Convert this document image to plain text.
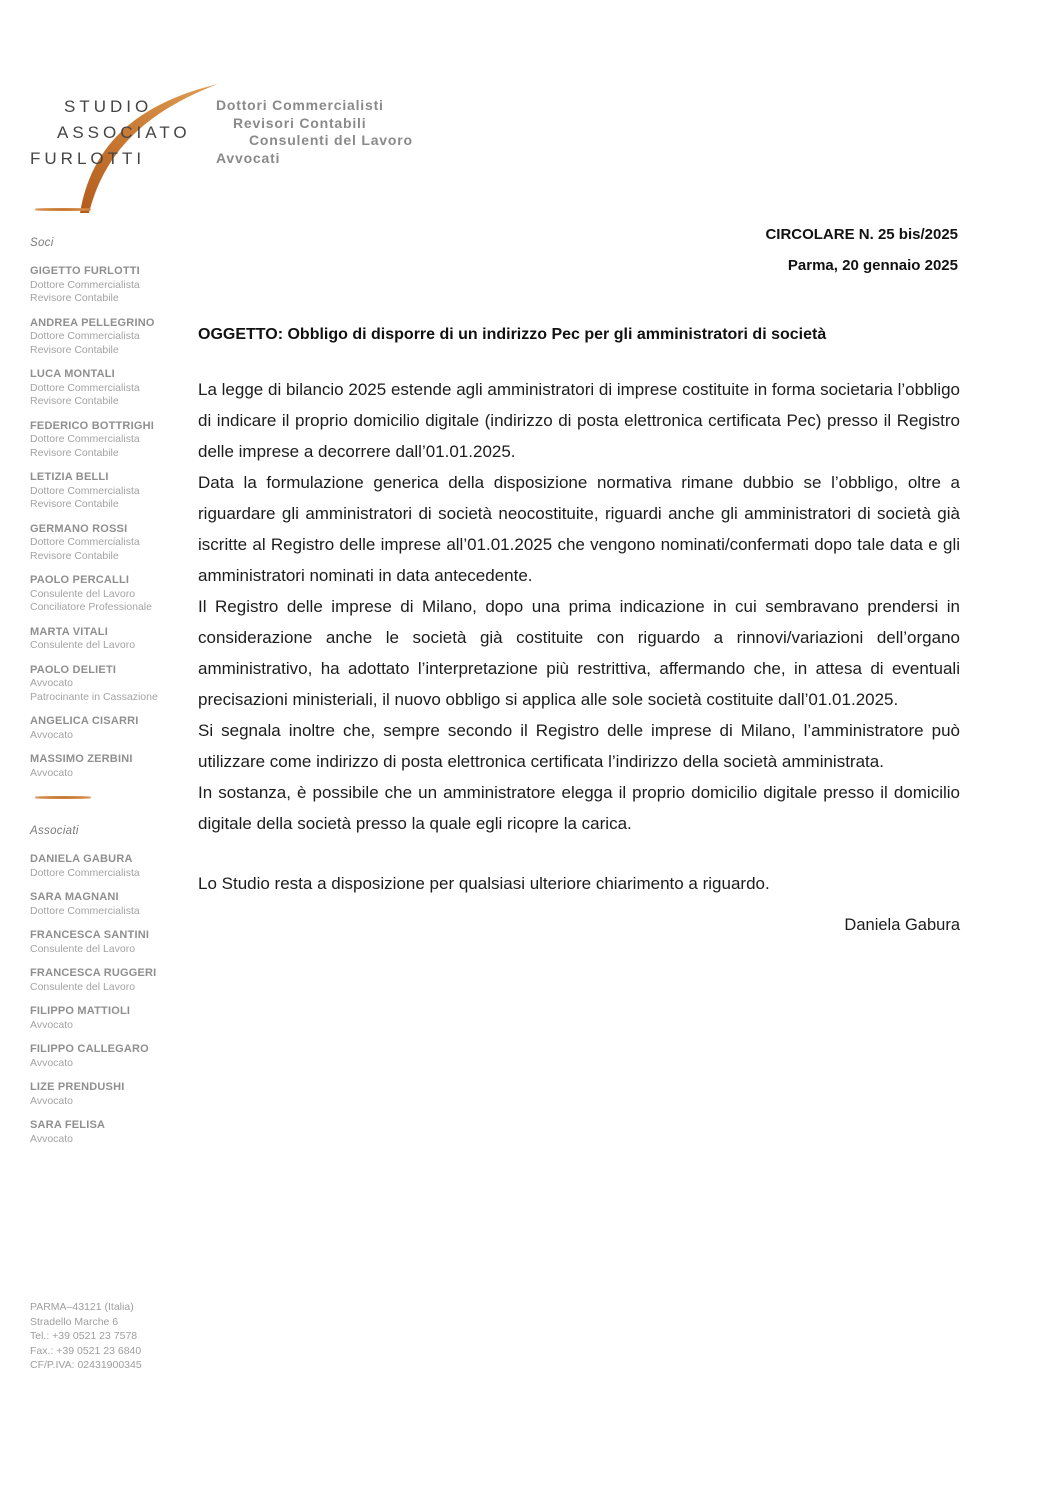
STUDIO
ASSOCIATO
FURLOTTI
Dottori Commercialisti
Revisori Contabili
Consulenti del Lavoro
Avvocati
CIRCOLARE N. 25 bis/2025
Parma, 20 gennaio 2025
Soci
GIGETTO FURLOTTI
Dottore Commercialista
Revisore Contabile
ANDREA PELLEGRINO
Dottore Commercialista
Revisore Contabile
LUCA MONTALI
Dottore Commercialista
Revisore Contabile
FEDERICO BOTTRIGHI
Dottore Commercialista
Revisore Contabile
LETIZIA BELLI
Dottore Commercialista
Revisore Contabile
GERMANO ROSSI
Dottore Commercialista
Revisore Contabile
PAOLO PERCALLI
Consulente del Lavoro
Conciliatore Professionale
MARTA VITALI
Consulente del Lavoro
PAOLO DELIETI
Avvocato
Patrocinante in Cassazione
ANGELICA CISARRI
Avvocato
MASSIMO ZERBINI
Avvocato
Associati
DANIELA GABURA
Dottore Commercialista
SARA MAGNANI
Dottore Commercialista
FRANCESCA SANTINI
Consulente del Lavoro
FRANCESCA RUGGERI
Consulente del Lavoro
FILIPPO MATTIOLI
Avvocato
FILIPPO CALLEGARO
Avvocato
LIZE PRENDUSHI
Avvocato
SARA FELISA
Avvocato
PARMA–43121 (Italia)
Stradello Marche 6
Tel.: +39 0521 23 7578
Fax.: +39 0521 23 6840
CF/P.IVA: 02431900345
OGGETTO: Obbligo di disporre di un indirizzo Pec per gli amministratori di società

La legge di bilancio 2025 estende agli amministratori di imprese costituite in forma societaria l’obbligo di indicare il proprio domicilio digitale (indirizzo di posta elettronica certificata Pec) presso il Registro delle imprese a decorrere dall’01.01.2025.

Data la formulazione generica della disposizione normativa rimane dubbio se l’obbligo, oltre a riguardare gli amministratori di società neocostituite, riguardi anche gli amministratori di società già iscritte al Registro delle imprese all’01.01.2025 che vengono nominati/confermati dopo tale data e gli amministratori nominati in data antecedente.

Il Registro delle imprese di Milano, dopo una prima indicazione in cui sembravano prendersi in considerazione anche le società già costituite con riguardo a rinnovi/variazioni dell’organo amministrativo, ha adottato l’interpretazione più restrittiva, affermando che, in attesa di eventuali precisazioni ministeriali, il nuovo obbligo si applica alle sole società costituite dall’01.01.2025.

Si segnala inoltre che, sempre secondo il Registro delle imprese di Milano, l’amministratore può utilizzare come indirizzo di posta elettronica certificata l’indirizzo della società amministrata.

In sostanza, è possibile che un amministratore elegga il proprio domicilio digitale presso il domicilio digitale della società presso la quale egli ricopre la carica.

Lo Studio resta a disposizione per qualsiasi ulteriore chiarimento a riguardo.
Daniela Gabura
